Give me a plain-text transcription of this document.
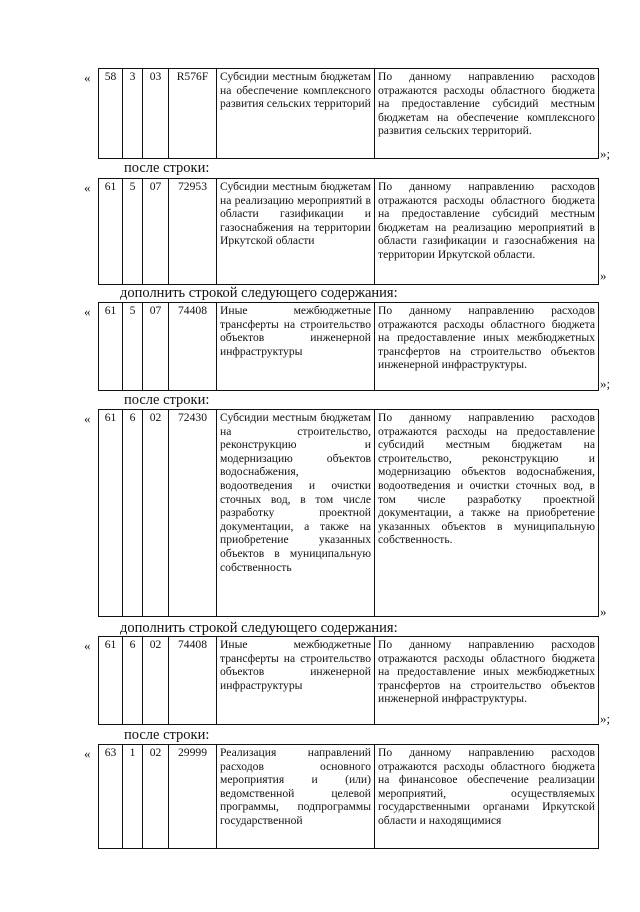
« 58	3	03	R576F	Субсидии местным бюджетам на обеспечение комплексного развития сельских территорий	По данному направлению расходов отражаются расходы областного бюджета на предоставление субсидий местным бюджетам на обеспечение комплексного развития сельских территорий.
»;
после строки:
« 61	5	07	72953	Субсидии местным бюджетам на реализацию мероприятий в области газификации и газоснабжения на территории Иркутской области	По данному направлению расходов отражаются расходы областного бюджета на предоставление субсидий местным бюджетам на реализацию мероприятий в области газификации и газоснабжения на территории Иркутской области.
»
дополнить строкой следующего содержания:
« 61	5	07	74408	Иные межбюджетные трансферты на строительство объектов инженерной инфраструктуры	По данному направлению расходов отражаются расходы областного бюджета на предоставление иных межбюджетных трансфертов на строительство объектов инженерной инфраструктуры.
»;
после строки:
« 61	6	02	72430	Субсидии местным бюджетам на строительство, реконструкцию и модернизацию объектов водоснабжения, водоотведения и очистки сточных вод, в том числе разработку проектной документации, а также на приобретение указанных объектов в муниципальную собственность	По данному направлению расходов отражаются расходы на предоставление субсидий местным бюджетам на строительство, реконструкцию и модернизацию объектов водоснабжения, водоотведения и очистки сточных вод, в том числе разработку проектной документации, а также на приобретение указанных объектов в муниципальную собственность.
»
дополнить строкой следующего содержания:
« 61	6	02	74408	Иные межбюджетные трансферты на строительство объектов инженерной инфраструктуры	По данному направлению расходов отражаются расходы областного бюджета на предоставление иных межбюджетных трансфертов на строительство объектов инженерной инфраструктуры.
»;
после строки:
« 63	1	02	29999	Реализация направлений расходов основного мероприятия и (или) ведомственной целевой программы, подпрограммы государственной	По данному направлению расходов отражаются расходы областного бюджета на финансовое обеспечение реализации мероприятий, осуществляемых государственными органами Иркутской области и находящимися
